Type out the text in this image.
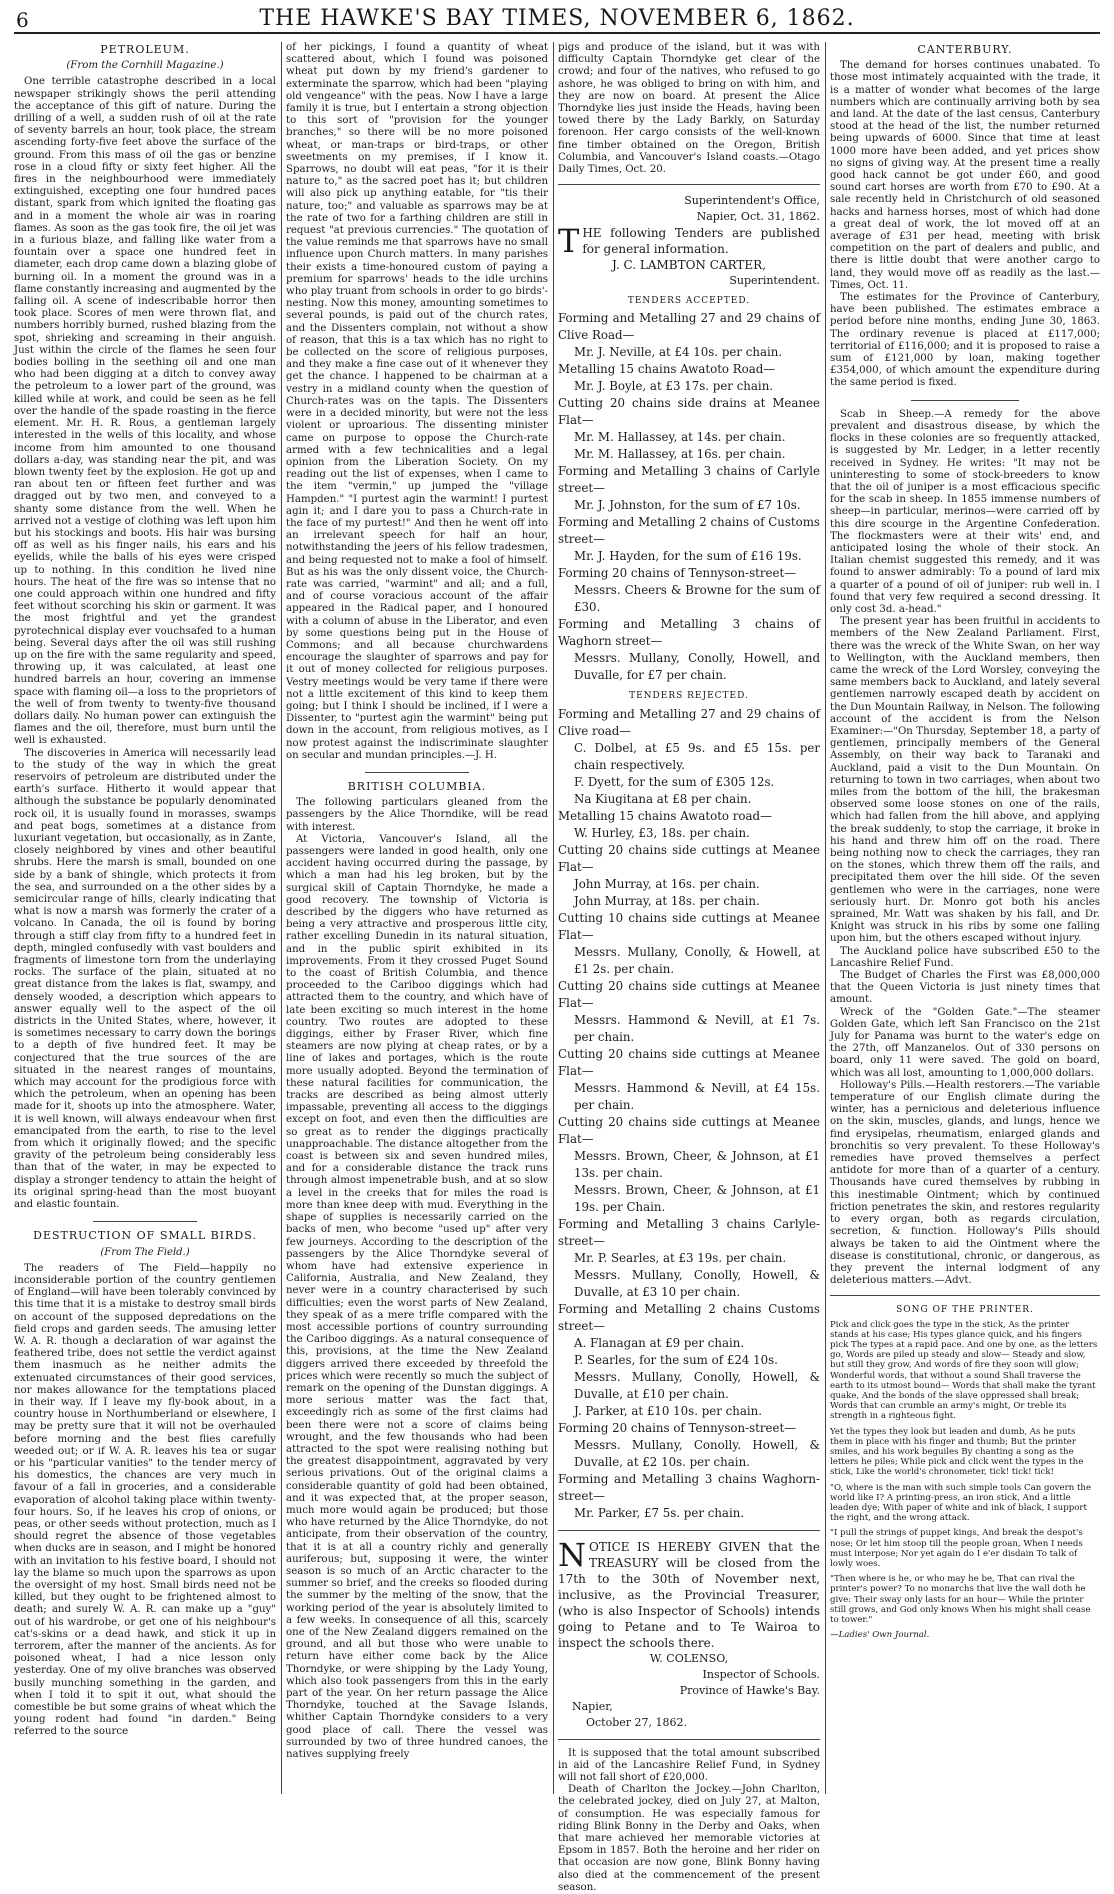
6	THE HAWKE'S BAY TIMES, NOVEMBER 6, 1862.
PETROLEUM.
(From the Cornhill Magazine.)

One terrible catastrophe described in a local newspaper strikingly shows the peril attending the acceptance of this gift of nature. During the drilling of a well, a sudden rush of oil at the rate of seventy barrels an hour, took place, the stream ascending forty-five feet above the surface of the ground. From this mass of oil the gas or benzine rose in a cloud fifty or sixty feet higher. All the fires in the neighbourhood were immediately extinguished, excepting one four hundred paces distant, spark from which ignited the floating gas and in a moment the whole air was in roaring flames. As soon as the gas took fire, the oil jet was in a furious blaze, and falling like water from a fountain over a space one hundred feet in diameter, each drop came down a blazing globe of burning oil. In a moment the ground was in a flame constantly increasing and augmented by the falling oil. A scene of indescribable horror then took place. Scores of men were thrown flat, and numbers horribly burned, rushed blazing from the spot, shrieking and screaming in their anguish. Just within the circle of the flames he seen four bodies boiling in the seething oil and one man who had been digging at a ditch to convey away the petroleum to a lower part of the ground, was killed while at work, and could be seen as he fell over the handle of the spade roasting in the fierce element. Mr. H. R. Rous, a gentleman largely interested in the wells of this locality, and whose income from him amounted to one thousand dollars a-day, was standing near the pit, and was blown twenty feet by the explosion. He got up and ran about ten or fifteen feet further and was dragged out by two men, and conveyed to a shanty some distance from the well. When he arrived not a vestige of clothing was left upon him but his stockings and boots. His hair was bursing off as well as his finger nails, his ears and his eyelids, while the balls of his eyes were crisped up to nothing. In this condition he lived nine hours. The heat of the fire was so intense that no one could approach within one hundred and fifty feet without scorching his skin or garment. It was the most frightful and yet the grandest pyrotechnical display ever vouchsafed to a human being. Several days after the oil was still rushing up on the fire with the same regularity and speed, throwing up, it was calculated, at least one hundred barrels an hour, covering an immense space with flaming oil—a loss to the proprietors of the well of from twenty to twenty-five thousand dollars daily. No human power can extinguish the flames and the oil, therefore, must burn until the well is exhausted.

The discoveries in America will necessarily lead to the study of the way in which the great reservoirs of petroleum are distributed under the earth's surface. Hitherto it would appear that although the substance be popularly denominated rock oil, it is usually found in morasses, swamps and peat bogs, sometimes at a distance from luxuriant vegetation, but occasionally, as in Zante, closely neighbored by vines and other beautiful shrubs. Here the marsh is small, bounded on one side by a bank of shingle, which protects it from the sea, and surrounded on a the other sides by a semicircular range of hills, clearly indicating that what is now a marsh was formerly the crater of a volcano. In Canada, the oil is found by boring through a stiff clay from fifty to a hundred feet in depth, mingled confusedly with vast boulders and fragments of limestone torn from the underlaying rocks. The surface of the plain, situated at no great distance from the lakes is flat, swampy, and densely wooded, a description which appears to answer equally well to the aspect of the oil districts in the United States, where, however, it is sometimes necessary to carry down the borings to a depth of five hundred feet. It may be conjectured that the true sources of the are situated in the nearest ranges of mountains, which may account for the prodigious force with which the petroleum, when an opening has been made for it, shoots up into the atmosphere. Water, it is well known, will always endeavour when first emancipated from the earth, to rise to the level from which it originally flowed; and the specific gravity of the petroleum being considerably less than that of the water, in may be expected to display a stronger tendency to attain the height of its original spring-head than the most buoyant and elastic fountain.

DESTRUCTION OF SMALL BIRDS.
(From The Field.)

The readers of The Field—happily no inconsiderable portion of the country gentlemen of England—will have been tolerably convinced by this time that it is a mistake to destroy small birds on account of the supposed depredations on the field crops and garden seeds. The amusing letter W. A. R. though a declaration of war against the feathered tribe, does not settle the verdict against them inasmuch as he neither admits the extenuated circumstances of their good services, nor makes allowance for the temptations placed in their way. If I leave my fly-book about, in a country house in Northumberland or elsewhere, I may be pretty sure that it will not be overhauled before morning and the best flies carefully weeded out; or if W. A. R. leaves his tea or sugar or his "particular vanities" to the tender mercy of his domestics, the chances are very much in favour of a fall in groceries, and a considerable evaporation of alcohol taking place within twenty-four hours. So, if he leaves his crop of onions, or peas, or other seeds without protection, much as I should regret the absence of those vegetables when ducks are in season, and I might be honored with an invitation to his festive board, I should not lay the blame so much upon the sparrows as upon the oversight of my host. Small birds need not be killed, but they ought to be frightened almost to death; and surely W. A. R. can make up a "guy" out of his wardrobe, or get one of his neighbour's cat's-skins or a dead hawk, and stick it up in terrorem, after the manner of the ancients. As for poisoned wheat, I had a nice lesson only yesterday. One of my olive branches was observed busily munching something in the garden, and when I told it to spit it out, what should the comestible be but some grains of wheat which the young rodent had found "in darden." Being referred to the source

of her pickings, I found a quantity of wheat scattered about, which I found was poisoned wheat put down by my friend's gardener to exterminate the sparrow, which had been "playing old vengeance" with the peas. Now I have a large family it is true, but I entertain a strong objection to this sort of "provision for the younger branches," so there will be no more poisoned wheat, or man-traps or bird-traps, or other sweetments on my premises, if I know it. Sparrows, no doubt will eat peas, "for it is their nature to," as the sacred poet has it; but children will also pick up anything eatable, for "tis their nature, too;" and valuable as sparrows may be at the rate of two for a farthing children are still in request "at previous currencies." The quotation of the value reminds me that sparrows have no small influence upon Church matters. In many parishes their exists a time-honoured custom of paying a premium for sparrows' heads to the idle urchins who play truant from schools in order to go birds'-nesting. Now this money, amounting sometimes to several pounds, is paid out of the church rates, and the Dissenters complain, not without a show of reason, that this is a tax which has no right to be collected on the score of religious purposes, and they make a fine case out of it whenever they get the chance. I happened to be chairman at a vestry in a midland county when the question of Church-rates was on the tapis. The Dissenters were in a decided minority, but were not the less violent or uproarious. The dissenting minister came on purpose to oppose the Church-rate armed with a few technicalities and a legal opinion from the Liberation Society. On my reading out the list of expenses, when I came to the item "vermin," up jumped the "village Hampden." "I purtest agin the warmint! I purtest agin it; and I dare you to pass a Church-rate in the face of my purtest!" And then he went off into an irrelevant speech for half an hour, notwithstanding the jeers of his fellow tradesmen, and being requested not to make a fool of himself. But as his was the only dissent voice, the Church-rate was carried, "warmint" and all; and a full, and of course voracious account of the affair appeared in the Radical paper, and I honoured with a column of abuse in the Liberator, and even by some questions being put in the House of Commons; and all because churchwardens encourage the slaughter of sparrows and pay for it out of money collected for religious purposes. Vestry meetings would be very tame if there were not a little excitement of this kind to keep them going; but I think I should be inclined, if I were a Dissenter, to "purtest agin the warmint" being put down in the account, from religious motives, as I now protest against the indiscriminate slaughter on secular and mundan principles.—J. H.

BRITISH COLUMBIA.

The following particulars gleaned from the passengers by the Alice Thorndike, will be read with interest.

At Victoria, Vancouver's Island, all the passengers were landed in good health, only one accident having occurred during the passage, by which a man had his leg broken, but by the surgical skill of Captain Thorndyke, he made a good recovery. The township of Victoria is described by the diggers who have returned as being a very attractive and prosperous little city, rather excelling Dunedin in its natural situation, and in the public spirit exhibited in its improvements. From it they crossed Puget Sound to the coast of British Columbia, and thence proceeded to the Cariboo diggings which had attracted them to the country, and which have of late been exciting so much interest in the home country. Two routes are adopted to these diggings, either by Fraser River, which fine steamers are now plying at cheap rates, or by a line of lakes and portages, which is the route more usually adopted. Beyond the termination of these natural facilities for communication, the tracks are described as being almost utterly impassable, preventing all access to the diggings except on foot, and even then the difficulties are so great as to render the diggings practically unapproachable. The distance altogether from the coast is between six and seven hundred miles, and for a considerable distance the track runs through almost impenetrable bush, and at so slow a level in the creeks that for miles the road is more than knee deep with mud. Everything in the shape of supplies is necessarily carried on the backs of men, who become "used up" after very few journeys. According to the description of the passengers by the Alice Thorndyke several of whom have had extensive experience in California, Australia, and New Zealand, they never were in a country characterised by such difficulties; even the worst parts of New Zealand, they speak of as a mere trifle compared with the most accessible portions of country surrounding the Cariboo diggings. As a natural consequence of this, provisions, at the time the New Zealand diggers arrived there exceeded by threefold the prices which were recently so much the subject of remark on the opening of the Dunstan diggings. A more serious matter was the fact that, exceedingly rich as some of the first claims had been there were not a score of claims being wrought, and the few thousands who had been attracted to the spot were realising nothing but the greatest disappointment, aggravated by very serious privations. Out of the original claims a considerable quantity of gold had been obtained, and it was expected that, at the proper season, much more would again be produced; but those who have returned by the Alice Thorndyke, do not anticipate, from their observation of the country, that it is at all a country richly and generally auriferous; but, supposing it were, the winter season is so much of an Arctic character to the summer so brief, and the creeks so flooded during the summer by the melting of the snow, that the working period of the year is absolutely limited to a few weeks. In consequence of all this, scarcely one of the New Zealand diggers remained on the ground, and all but those who were unable to return have either come back by the Alice Thorndyke, or were shipping by the Lady Young, which also took passengers from this in the early part of the year. On her return passage the Alice Thorndyke, touched at the Savage Islands, whither Captain Thorndyke considers to a very good place of call. There the vessel was surrounded by two of three hundred canoes, the natives supplying freely

pigs and produce of the island, but it was with difficulty Captain Thorndyke get clear of the crowd; and four of the natives, who refused to go ashore, he was obliged to bring on with him, and they are now on board. At present the Alice Thorndyke lies just inside the Heads, having been towed there by the Lady Barkly, on Saturday forenoon. Her cargo consists of the well-known fine timber obtained on the Oregon, British Columbia, and Vancouver's Island coasts.—Otago Daily Times, Oct. 20.

Superintendent's Office,
Napier, Oct. 31, 1862.
THE following Tenders are published for general information.
J. C. LAMBTON CARTER,
Superintendent.
TENDERS ACCEPTED.
Forming and Metalling 27 and 29 chains of Clive Road—
Mr. J. Neville, at £4 10s. per chain.
Metalling 15 chains Awatoto Road—
Mr. J. Boyle, at £3 17s. per chain.
Cutting 20 chains side drains at Meanee Flat—
Mr. M. Hallassey, at 14s. per chain.
Mr. M. Hallassey, at 16s. per chain.
Forming and Metalling 3 chains of Carlyle street—
Mr. J. Johnston, for the sum of £7 10s.
Forming and Metalling 2 chains of Customs street—
Mr. J. Hayden, for the sum of £16 19s.
Forming 20 chains of Tennyson-street—
Messrs. Cheers & Browne for the sum of £30.
Forming and Metalling 3 chains of Waghorn street—
Messrs. Mullany, Conolly, Howell, and Duvalle, for £7 per chain.
TENDERS REJECTED.
Forming and Metalling 27 and 29 chains of Clive road—
C. Dolbel, at £5 9s. and £5 15s. per chain respectively.
F. Dyett, for the sum of £305 12s.
Na Kiugitana at £8 per chain.
Metalling 15 chains Awatoto road—
W. Hurley, £3, 18s. per chain.
Cutting 20 chains side cuttings at Meanee Flat—
John Murray, at 16s. per chain.
John Murray, at 18s. per chain.
Cutting 10 chains side cuttings at Meanee Flat—
Messrs. Mullany, Conolly, & Howell, at £1 2s. per chain.
Cutting 20 chains side cuttings at Meanee Flat—
Messrs. Hammond & Nevill, at £1 7s. per chain.
Cutting 20 chains side cuttings at Meanee Flat—
Messrs. Hammond & Nevill, at £4 15s. per chain.
Cutting 20 chains side cuttings at Meanee Flat—
Messrs. Brown, Cheer, & Johnson, at £1 13s. per chain.
Messrs. Brown, Cheer, & Johnson, at £1 19s. per Chain.
Forming and Metalling 3 chains Carlyle-street—
Mr. P. Searles, at £3 19s. per chain.
Messrs. Mullany, Conolly, Howell, & Duvalle, at £3 10 per chain.
Forming and Metalling 2 chains Customs street—
A. Flanagan at £9 per chain.
P. Searles, for the sum of £24 10s.
Messrs. Mullany, Conolly, Howell, & Duvalle, at £10 per chain.
J. Parker, at £10 10s. per chain.
Forming 20 chains of Tennyson-street—
Messrs. Mullany, Conolly. Howell, & Duvalle, at £2 10s. per chain.
Forming and Metalling 3 chains Waghorn-street—
Mr. Parker, £7 5s. per chain.
NOTICE IS HEREBY GIVEN that the TREASURY will be closed from the 17th to the 30th of November next, inclusive, as the Provincial Treasurer, (who is also Inspector of Schools) intends going to Petane and to Te Wairoa to inspect the schools there.
W. COLENSO,
Inspector of Schools.
Province of Hawke's Bay.
Napier,
October 27, 1862.

It is supposed that the total amount subscribed in aid of the Lancashire Relief Fund, in Sydney will not fall short of £20,000.

Death of Charlton the Jockey.—John Charlton, the celebrated jockey, died on July 27, at Malton, of consumption. He was especially famous for riding Blink Bonny in the Derby and Oaks, when that mare achieved her memorable victories at Epsom in 1857. Both the heroine and her rider on that occasion are now gone, Blink Bonny having also died at the commencement of the present season.

CANTERBURY.

The demand for horses continues unabated. To those most intimately acquainted with the trade, it is a matter of wonder what becomes of the large numbers which are continually arriving both by sea and land. At the date of the last census, Canterbury stood at the head of the list, the number returned being upwards of 6000. Since that time at least 1000 more have been added, and yet prices show no signs of giving way. At the present time a really good hack cannot be got under £60, and good sound cart horses are worth from £70 to £90. At a sale recently held in Christchurch of old seasoned hacks and harness horses, most of which had done a great deal of work, the lot moved off at an average of £31 per head, meeting with brisk competition on the part of dealers and public, and there is little doubt that were another cargo to land, they would move off as readily as the last.—Times, Oct. 11.

The estimates for the Province of Canterbury, have been published. The estimates embrace a period before nine months, ending June 30, 1863. The ordinary revenue is placed at £117,000; territorial of £116,000; and it is proposed to raise a sum of £121,000 by loan, making together £354,000, of which amount the expenditure during the same period is fixed.

Scab in Sheep.—A remedy for the above prevalent and disastrous disease, by which the flocks in these colonies are so frequently attacked, is suggested by Mr. Ledger, in a letter recently received in Sydney. He writes: "It may not be uninteresting to some of stock-breeders to know that the oil of juniper is a most efficacious specific for the scab in sheep. In 1855 immense numbers of sheep—in particular, merinos—were carried off by this dire scourge in the Argentine Confederation. The flockmasters were at their wits' end, and anticipated losing the whole of their stock. An Italian chemist suggested this remedy, and it was found to answer admirably: To a pound of lard mix a quarter of a pound of oil of juniper: rub well in. I found that very few required a second dressing. It only cost 3d. a-head."

The present year has been fruitful in accidents to members of the New Zealand Parliament. First, there was the wreck of the White Swan, on her way to Wellington, with the Auckland members, then came the wreck of the Lord Worsley, conveying the same members back to Auckland, and lately several gentlemen narrowly escaped death by accident on the Dun Mountain Railway, in Nelson. The following account of the accident is from the Nelson Examiner:—"On Thursday, September 18, a party of gentlemen, principally members of the General Assembly, on their way back to Taranaki and Auckland, paid a visit to the Dun Mountain. On returning to town in two carriages, when about two miles from the bottom of the hill, the brakesman observed some loose stones on one of the rails, which had fallen from the hill above, and applying the break suddenly, to stop the carriage, it broke in his hand and threw him off on the road. There being nothing now to check the carriages, they ran on the stones, which threw them off the rails, and precipitated them over the hill side. Of the seven gentlemen who were in the carriages, none were seriously hurt. Dr. Monro got both his ancles sprained, Mr. Watt was shaken by his fall, and Dr. Knight was struck in his ribs by some one falling upon him, but the others escaped without injury.

The Auckland police have subscribed £50 to the Lancashire Relief Fund.

The Budget of Charles the First was £8,000,000 that the Queen Victoria is just ninety times that amount.

Wreck of the "Golden Gate."—The steamer Golden Gate, which left San Francisco on the 21st July for Panama was burnt to the water's edge on the 27th, off Manzanelos. Out of 330 persons on board, only 11 were saved. The gold on board, which was all lost, amounting to 1,000,000 dollars.

Holloway's Pills.—Health restorers.—The variable temperature of our English climate during the winter, has a pernicious and deleterious influence on the skin, muscles, glands, and lungs, hence we find erysipelas, rheumatism, enlarged glands and bronchitis so very prevalent. To these Holloway's remedies have proved themselves a perfect antidote for more than of a quarter of a century. Thousands have cured themselves by rubbing in this inestimable Ointment; which by continued friction penetrates the skin, and restores regularity to every organ, both as regards circulation, secretion, & function. Holloway's Pills should always be taken to aid the Ointment where the disease is constitutional, chronic, or dangerous, as they prevent the internal lodgment of any deleterious matters.—Advt.

SONG OF THE PRINTER.

Pick and click goes the type in the stick, As the printer stands at his case; His types glance quick, and his fingers pick The types at a rapid pace. And one by one, as the letters go, Words are piled up steady and slow— Steady and slow, but still they grow, And words of fire they soon will glow; Wonderful words, that without a sound Shall traverse the earth to its utmost bound— Words that shall make the tyrant quake, And the bonds of the slave oppressed shall break; Words that can crumble an army's might, Or treble its strength in a righteous fight.

Yet the types they look but leaden and dumb, As he puts them in place with his finger and thumb; But the printer smiles, and his work beguiles By chanting a song as the letters he piles; While pick and click went the types in the stick, Like the world's chronometer, tick! tick! tick!

"O, where is the man with such simple tools Can govern the world like I? A printing-press, an iron stick, And a little leaden dye; With paper of white and ink of black, I support the right, and the wrong attack.

"I pull the strings of puppet kings, And break the despot's nose; Or let him stoop till the people groan, When I needs must interpose; Nor yet again do I e'er disdain To talk of lowly woes.

"Then where is he, or who may he be, That can rival the printer's power? To no monarchs that live the wall doth he give: Their sway only lasts for an hour— While the printer still grows, and God only knows When his might shall cease to tower."

—Ladies' Own Journal.
